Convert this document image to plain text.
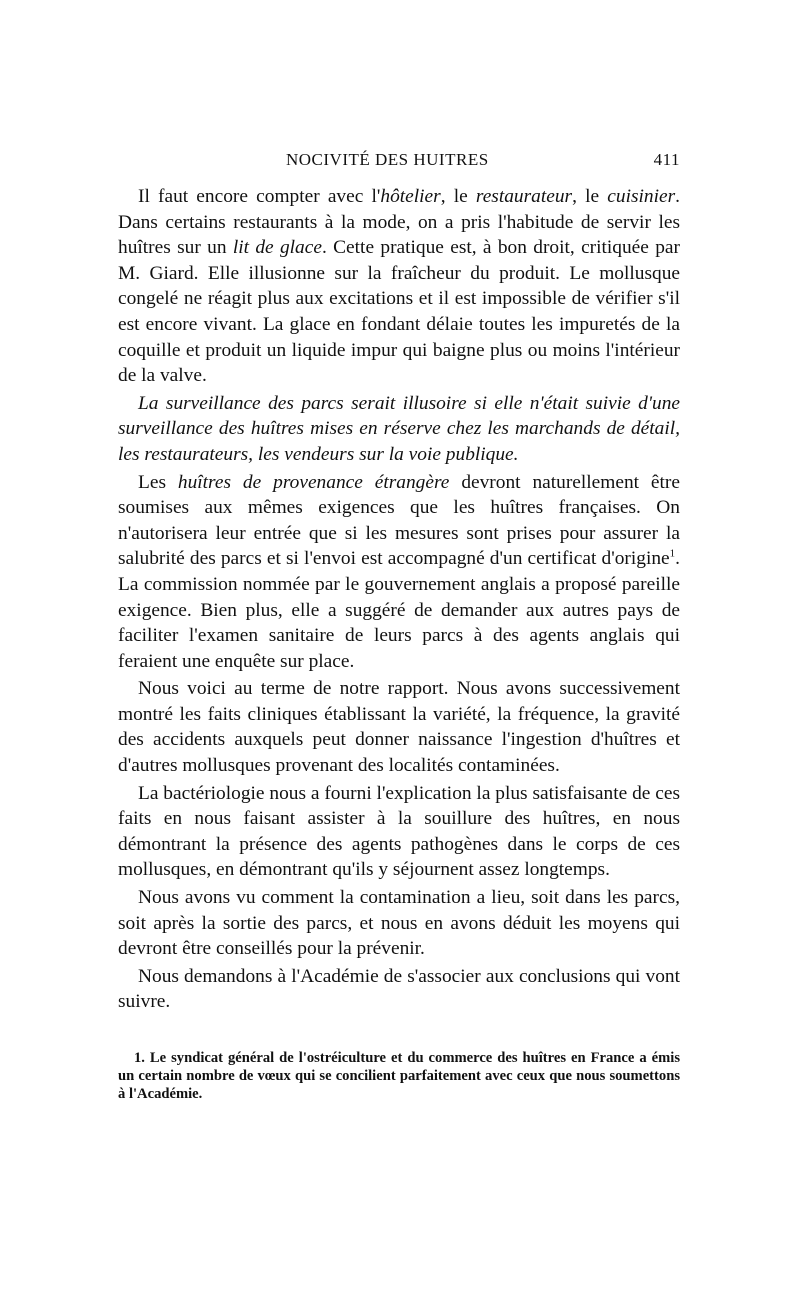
NOCIVITÉ DES HUITRES	411

Il faut encore compter avec l'hôtelier, le restaurateur, le cuisinier. Dans certains restaurants à la mode, on a pris l'habitude de servir les huîtres sur un lit de glace. Cette pratique est, à bon droit, critiquée par M. Giard. Elle illusionne sur la fraîcheur du produit. Le mollusque congelé ne réagit plus aux excitations et il est impossible de vérifier s'il est encore vivant. La glace en fondant délaie toutes les impuretés de la coquille et produit un liquide impur qui baigne plus ou moins l'intérieur de la valve.

La surveillance des parcs serait illusoire si elle n'était suivie d'une surveillance des huîtres mises en réserve chez les marchands de détail, les restaurateurs, les vendeurs sur la voie publique.

Les huîtres de provenance étrangère devront naturellement être soumises aux mêmes exigences que les huîtres françaises. On n'autorisera leur entrée que si les mesures sont prises pour assurer la salubrité des parcs et si l'envoi est accompagné d'un certificat d'origine$^1$. La commission nommée par le gouvernement anglais a proposé pareille exigence. Bien plus, elle a suggéré de demander aux autres pays de faciliter l'examen sanitaire de leurs parcs à des agents anglais qui feraient une enquête sur place.

Nous voici au terme de notre rapport. Nous avons successivement montré les faits cliniques établissant la variété, la fréquence, la gravité des accidents auxquels peut donner naissance l'ingestion d'huîtres et d'autres mollusques provenant des localités contaminées.

La bactériologie nous a fourni l'explication la plus satisfaisante de ces faits en nous faisant assister à la souillure des huîtres, en nous démontrant la présence des agents pathogènes dans le corps de ces mollusques, en démontrant qu'ils y séjournent assez longtemps.

Nous avons vu comment la contamination a lieu, soit dans les parcs, soit après la sortie des parcs, et nous en avons déduit les moyens qui devront être conseillés pour la prévenir.

Nous demandons à l'Académie de s'associer aux conclusions qui vont suivre.

1. Le syndicat général de l'ostréiculture et du commerce des huîtres en France a émis un certain nombre de vœux qui se concilient parfaitement avec ceux que nous soumettons à l'Académie.
